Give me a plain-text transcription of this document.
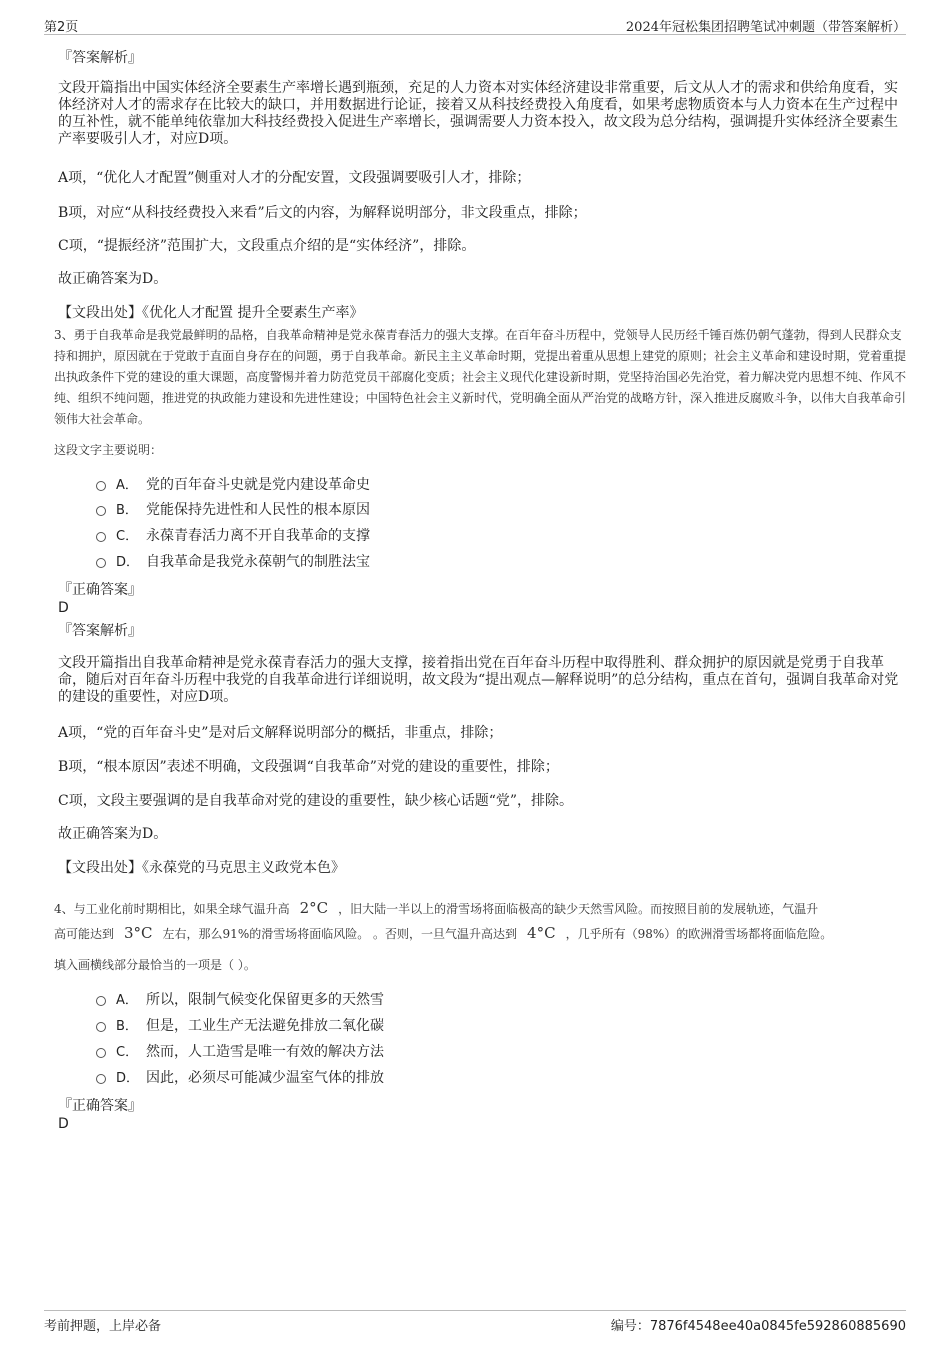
第2页	2024年冠松集团招聘笔试冲刺题（带答案解析）
『答案解析』
文段开篇指出中国实体经济全要素生产率增长遇到瓶颈，充足的人力资本对实体经济建设非常重要，后文从人才的需求和供给角度看，实体经济对人才的需求存在比较大的缺口，并用数据进行论证，接着又从科技经费投入角度看，如果考虑物质资本与人力资本在生产过程中的互补性，就不能单纯依靠加大科技经费投入促进生产率增长，强调需要人力资本投入，故文段为总分结构，强调提升实体经济全要素生产率要吸引人才，对应D项。
A项，“优化人才配置”侧重对人才的分配安置，文段强调要吸引人才，排除；
B项，对应“从科技经费投入来看”后文的内容，为解释说明部分，非文段重点，排除；
C项，“提振经济”范围扩大，文段重点介绍的是“实体经济”，排除。
故正确答案为D。
【文段出处】《优化人才配置 提升全要素生产率》
3、勇于自我革命是我党最鲜明的品格，自我革命精神是党永葆青春活力的强大支撑。在百年奋斗历程中，党领导人民历经千锤百炼仍朝气蓬勃，得到人民群众支持和拥护，原因就在于党敢于直面自身存在的问题，勇于自我革命。新民主主义革命时期，党提出着重从思想上建党的原则；社会主义革命和建设时期，党着重提出执政条件下党的建设的重大课题，高度警惕并着力防范党员干部腐化变质；社会主义现代化建设新时期，党坚持治国必先治党，着力解决党内思想不纯、作风不纯、组织不纯问题，推进党的执政能力建设和先进性建设；中国特色社会主义新时代，党明确全面从严治党的战略方针，深入推进反腐败斗争，以伟大自我革命引领伟大社会革命。
这段文字主要说明：
A． 党的百年奋斗史就是党内建设革命史
B． 党能保持先进性和人民性的根本原因
C． 永葆青春活力离不开自我革命的支撑
D． 自我革命是我党永葆朝气的制胜法宝
『正确答案』
D
『答案解析』
文段开篇指出自我革命精神是党永葆青春活力的强大支撑，接着指出党在百年奋斗历程中取得胜利、群众拥护的原因就是党勇于自我革命，随后对百年奋斗历程中我党的自我革命进行详细说明，故文段为“提出观点—解释说明”的总分结构，重点在首句，强调自我革命对党的建设的重要性，对应D项。
A项，“党的百年奋斗史”是对后文解释说明部分的概括，非重点，排除；
B项，“根本原因”表述不明确，文段强调“自我革命”对党的建设的重要性，排除；
C项，文段主要强调的是自我革命对党的建设的重要性，缺少核心话题“党”，排除。
故正确答案为D。
【文段出处】《永葆党的马克思主义政党本色》
4、与工业化前时期相比，如果全球气温升高 2°C ，旧大陆一半以上的滑雪场将面临极高的缺少天然雪风险。而按照目前的发展轨迹，气温升
高可能达到 3°C 左右，那么91%的滑雪场将面临风险。 。否则，一旦气温升高达到 4°C ，几乎所有（98%）的欧洲滑雪场都将面临危险。
填入画横线部分最恰当的一项是（ ）。
A． 所以，限制气候变化保留更多的天然雪
B． 但是，工业生产无法避免排放二氧化碳
C． 然而，人工造雪是唯一有效的解决方法
D． 因此，必须尽可能减少温室气体的排放
『正确答案』
D
考前押题，上岸必备	编号：7876f4548ee40a0845fe592860885690
